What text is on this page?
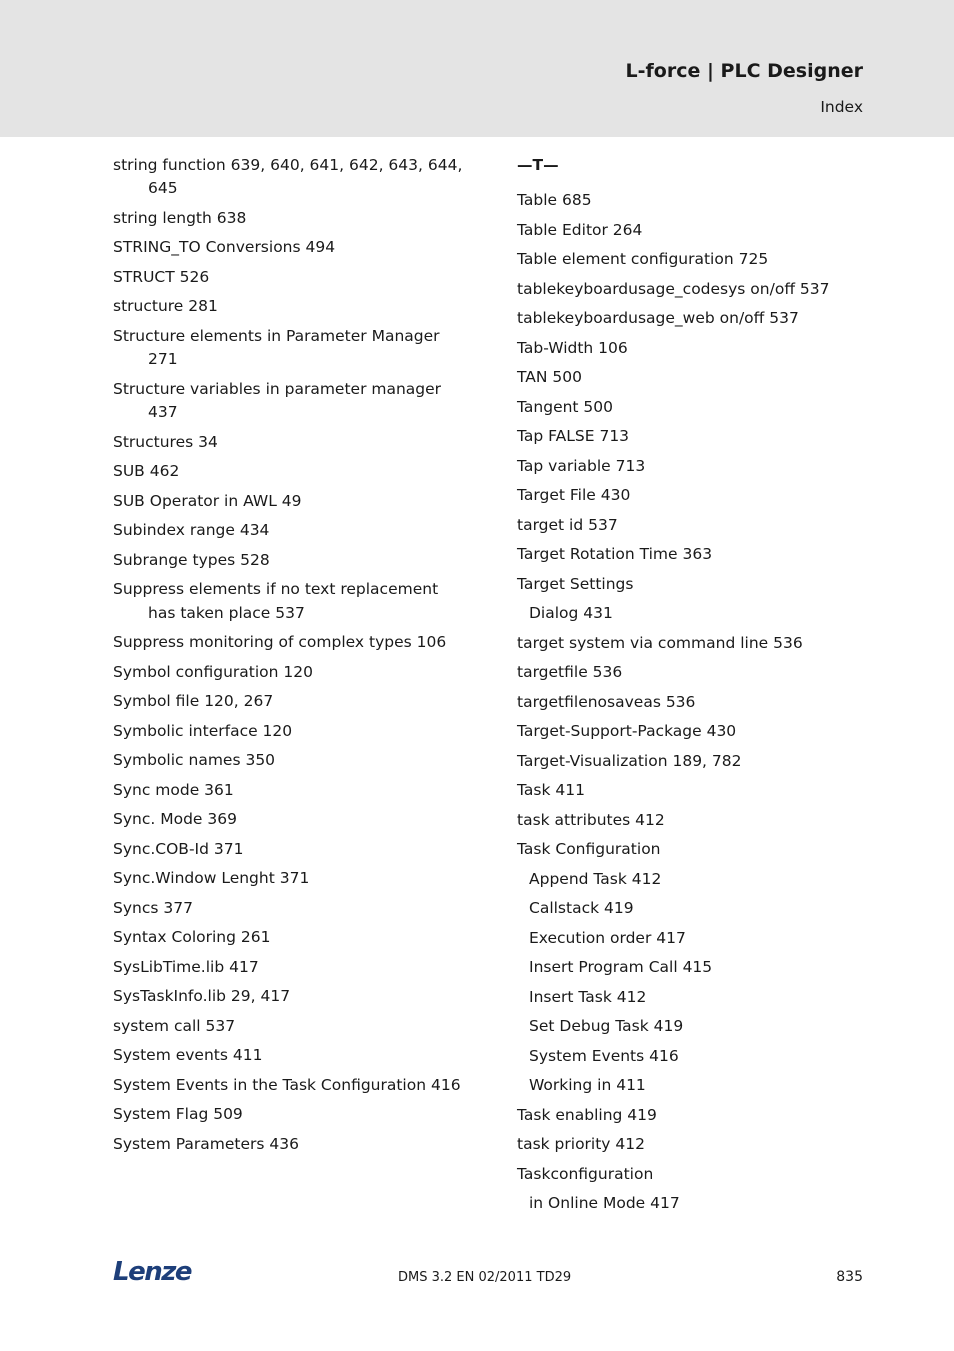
L-force | PLC Designer
Index
string function 639, 640, 641, 642, 643, 644, 645
string length 638
STRING_TO Conversions 494
STRUCT 526
structure 281
Structure elements in Parameter Manager 271
Structure variables in parameter manager 437
Structures 34
SUB 462
SUB Operator in AWL 49
Subindex range 434
Subrange types 528
Suppress elements if no text replacement has taken place 537
Suppress monitoring of complex types 106
Symbol configuration 120
Symbol file 120, 267
Symbolic interface 120
Symbolic names 350
Sync mode 361
Sync. Mode 369
Sync.COB-Id 371
Sync.Window Lenght 371
Syncs 377
Syntax Coloring 261
SysLibTime.lib 417
SysTaskInfo.lib 29, 417
system call 537
System events 411
System Events in the Task Configuration 416
System Flag 509
System Parameters 436
—T—
Table 685
Table Editor 264
Table element configuration 725
tablekeyboardusage_codesys on/off 537
tablekeyboardusage_web on/off 537
Tab-Width 106
TAN 500
Tangent 500
Tap FALSE 713
Tap variable 713
Target File 430
target id 537
Target Rotation Time 363
Target Settings
Dialog 431
target system via command line 536
targetfile 536
targetfilenosaveas 536
Target-Support-Package 430
Target-Visualization 189, 782
Task 411
task attributes 412
Task Configuration
Append Task 412
Callstack 419
Execution order 417
Insert Program Call 415
Insert Task 412
Set Debug Task 419
System Events 416
Working in 411
Task enabling 419
task priority 412
Taskconfiguration
in Online Mode 417
Lenze	DMS 3.2 EN 02/2011 TD29	835
